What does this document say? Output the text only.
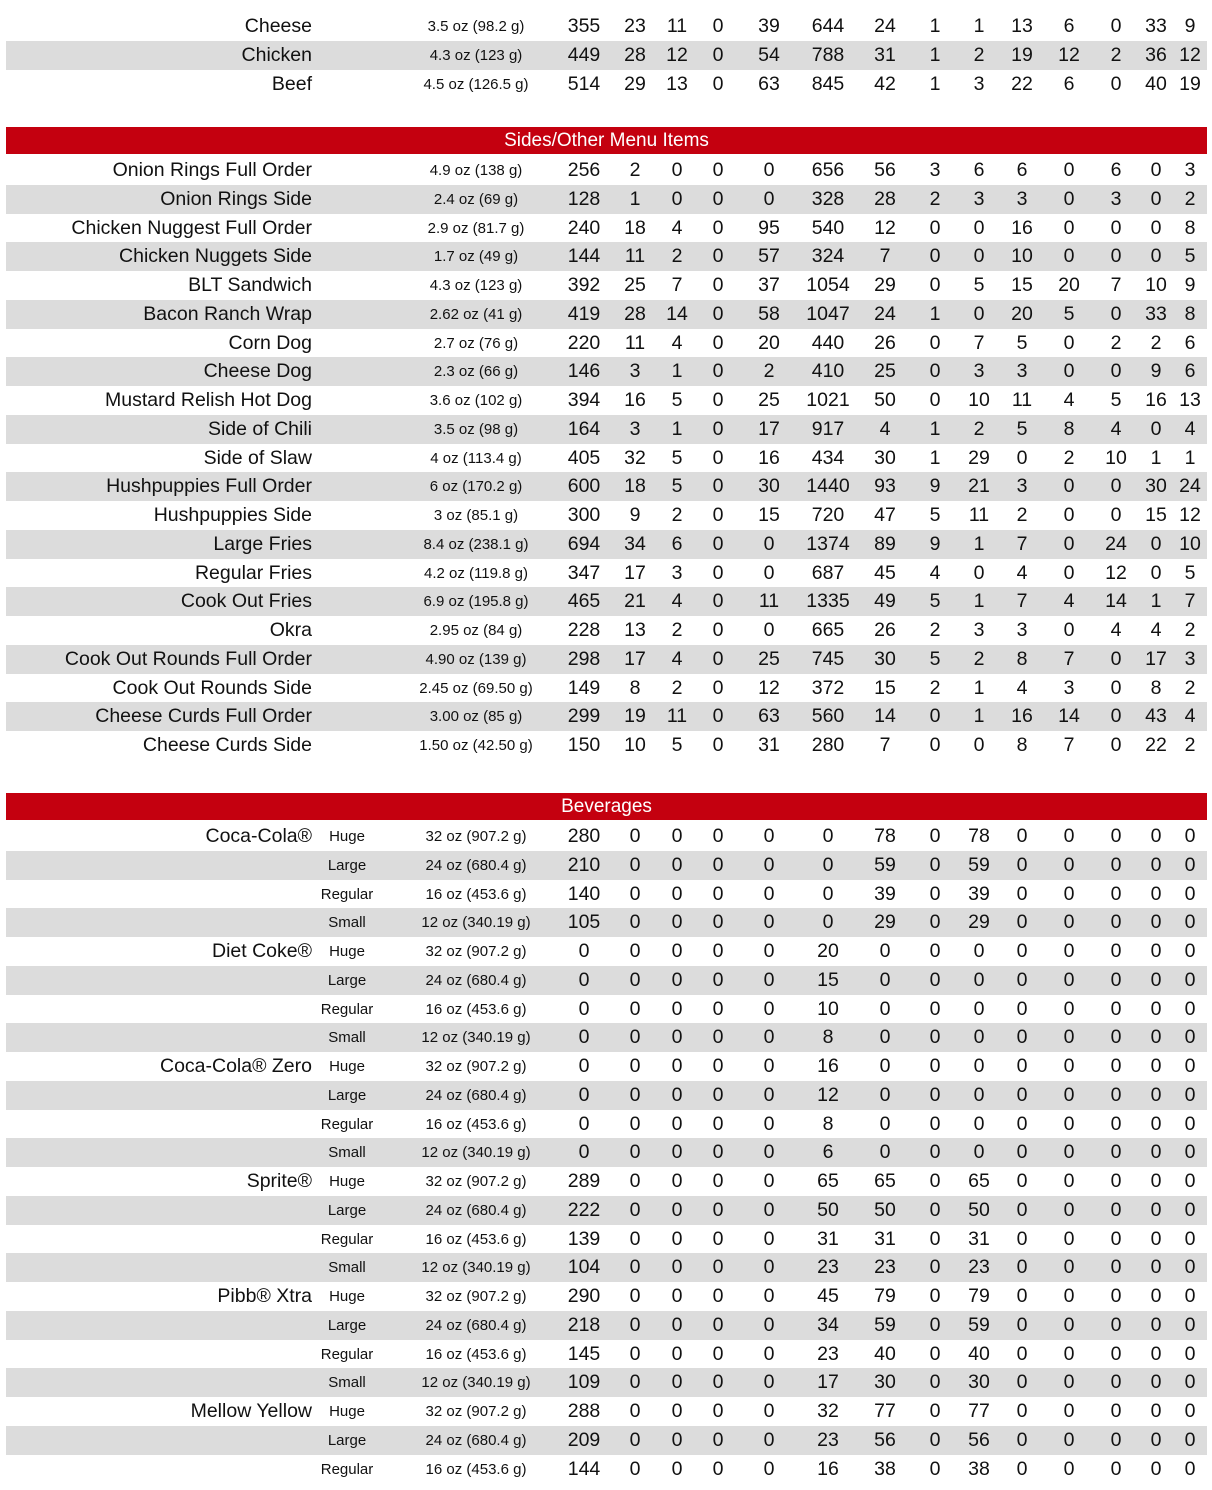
Cheese	3.5 oz (98.2 g)	355	23	11	0	39	644	24	1	1	13	6	0	33 9
Chicken	4.3 oz (123 g)	449	28	12	0	54	788	31	1	2	19	12	2	36 12
Beef	4.5 oz (126.5 g)	514	29	13	0	63	845	42	1	3	22	6	0	40 19
Sides/Other Menu Items
Onion Rings Full Order	4.9 oz (138 g)	256	2	0	0	0	656	56	3	6	6	0	6	0	3
Onion Rings Side	2.4 oz (69 g)	128	1	0	0	0	328	28	2	3	3	0	3	0	2
Chicken Nuggest Full Order	2.9 oz (81.7 g)	240	18	4	0	95	540	12	0	0	16	0	0	0	8
Chicken Nuggets Side	1.7 oz (49 g)	144	11	2	0	57	324	7	0	0	10	0	0	0	5
BLT Sandwich	4.3 oz (123 g)	392	25	7	0	37	1054	29	0	5	15	20	7	10 9
Bacon Ranch Wrap	2.62 oz (41 g)	419	28	14	0	58	1047	24	1	0	20	5	0	33 8
Corn Dog	2.7 oz (76 g)	220	11	4	0	20	440	26	0	7	5	0	2	2	6
Cheese Dog	2.3 oz (66 g)	146	3	1	0	2	410	25	0	3	3	0	0	9	6
Mustard Relish Hot Dog	3.6 oz (102 g)	394	16	5	0	25	1021	50	0	10	11	4	5	16 13
Side of Chili	3.5 oz (98 g)	164	3	1	0	17	917	4	1	2	5	8	4	0	4
Side of Slaw	4 oz (113.4 g)	405	32	5	0	16	434	30	1	29	0	2	10	1	1
Hushpuppies Full Order	6 oz (170.2 g)	600	18	5	0	30	1440	93	9	21	3	0	0	30 24
Hushpuppies Side	3 oz (85.1 g)	300	9	2	0	15	720	47	5	11	2	0	0	15 12
Large Fries	8.4 oz (238.1 g)	694	34	6	0	0	1374	89	9	1	7	0	24	0 10
Regular Fries	4.2 oz (119.8 g)	347	17	3	0	0	687	45	4	0	4	0	12	0	5
Cook Out Fries	6.9 oz (195.8 g)	465	21	4	0	11	1335	49	5	1	7	4	14	1	7
Okra	2.95 oz (84 g)	228	13	2	0	0	665	26	2	3	3	0	4	4	2
Cook Out Rounds Full Order	4.90 oz (139 g)	298	17	4	0	25	745	30	5	2	8	7	0	17 3
Cook Out Rounds Side	2.45 oz (69.50 g)	149	8	2	0	12	372	15	2	1	4	3	0	8	2
Cheese Curds Full Order	3.00 oz (85 g)	299	19	11	0	63	560	14	0	1	16	14	0	43 4
Cheese Curds Side	1.50 oz (42.50 g)	150	10	5	0	31	280	7	0	0	8	7	0	22 2
Beverages
Coca-Cola®	Huge	32 oz (907.2 g)	280	0	0	0	0	0	78	0	78	0	0	0	0	0
Large	24 oz (680.4 g)	210	0	0	0	0	0	59	0	59	0	0	0	0	0
Regular	16 oz (453.6 g)	140	0	0	0	0	0	39	0	39	0	0	0	0	0
Small	12 oz (340.19 g)	105	0	0	0	0	0	29	0	29	0	0	0	0	0
Diet Coke®	Huge	32 oz (907.2 g)	0	0	0	0	0	20	0	0	0	0	0	0	0	0
Large	24 oz (680.4 g)	0	0	0	0	0	15	0	0	0	0	0	0	0	0
Regular	16 oz (453.6 g)	0	0	0	0	0	10	0	0	0	0	0	0	0	0
Small	12 oz (340.19 g)	0	0	0	0	0	8	0	0	0	0	0	0	0	0
Coca-Cola® Zero	Huge	32 oz (907.2 g)	0	0	0	0	0	16	0	0	0	0	0	0	0	0
Large	24 oz (680.4 g)	0	0	0	0	0	12	0	0	0	0	0	0	0	0
Regular	16 oz (453.6 g)	0	0	0	0	0	8	0	0	0	0	0	0	0	0
Small	12 oz (340.19 g)	0	0	0	0	0	6	0	0	0	0	0	0	0	0
Sprite®	Huge	32 oz (907.2 g)	289	0	0	0	0	65	65	0	65	0	0	0	0	0
Large	24 oz (680.4 g)	222	0	0	0	0	50	50	0	50	0	0	0	0	0
Regular	16 oz (453.6 g)	139	0	0	0	0	31	31	0	31	0	0	0	0	0
Small	12 oz (340.19 g)	104	0	0	0	0	23	23	0	23	0	0	0	0	0
Pibb® Xtra	Huge	32 oz (907.2 g)	290	0	0	0	0	45	79	0	79	0	0	0	0	0
Large	24 oz (680.4 g)	218	0	0	0	0	34	59	0	59	0	0	0	0	0
Regular	16 oz (453.6 g)	145	0	0	0	0	23	40	0	40	0	0	0	0	0
Small	12 oz (340.19 g)	109	0	0	0	0	17	30	0	30	0	0	0	0	0
Mellow Yellow	Huge	32 oz (907.2 g)	288	0	0	0	0	32	77	0	77	0	0	0	0	0
Large	24 oz (680.4 g)	209	0	0	0	0	23	56	0	56	0	0	0	0	0
Regular	16 oz (453.6 g)	144	0	0	0	0	16	38	0	38	0	0	0	0	0
